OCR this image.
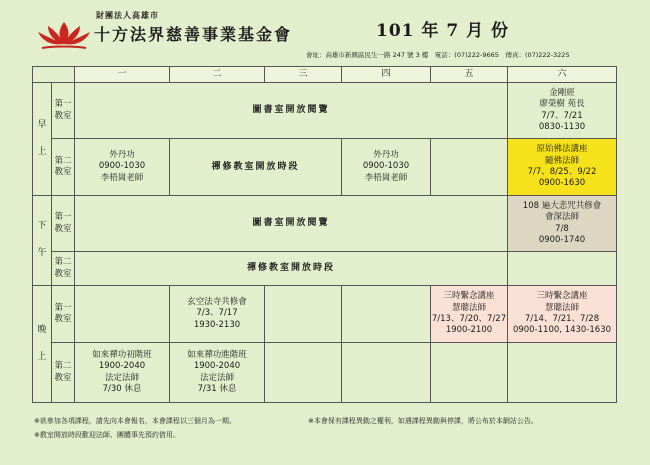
財團法人高雄市
十方法界慈善事業基金會	101 年 7 月 份
會址：高雄市新興區民生一路 247 號 3 樓　電話：(07)222-9665　傳真：(07)222-3225
		一	二	三	四	五	六

早

上	第一
教室	圖書室開放閱覽					金剛經
廖榮樹 苑長
7/7、7/21
0830-1130

	第二
教室	外丹功
0900-1030
李梧崗老師	禪修教室開放時段		外丹功
0900-1030
李梧崗老師		原始佛法講座
隨佛法師
7/7、8/25、9/22
0900-1630

下

午	第一
教室	圖書室開放閱覽					108 遍大悲咒共修會
會深法師
7/8
0900-1740

	第二
教室	禪修教室開放時段					

晚

上	第一
教室		玄空法寺共修會
7/3、7/17
1930-2130			三時繫念講座
慧聰法師
7/13、7/20、7/27
1900-2100	三時繫念講座
慧聰法師
7/14、7/21、7/28
0900-1100, 1430-1630

	第二
教室	如來禪功初階班
1900-2040
法定法師
7/30 休息	如來禪功進階班
1900-2040
法定法師
7/31 休息				

※欲參加各項課程，請先向本會報名，本會課程以三個月為一期。	※本會保有課程異動之權利，如遇課程異動與停課，將公布於本網站公告。
※教室開放時段歡迎法師、團體事先預約借用。
